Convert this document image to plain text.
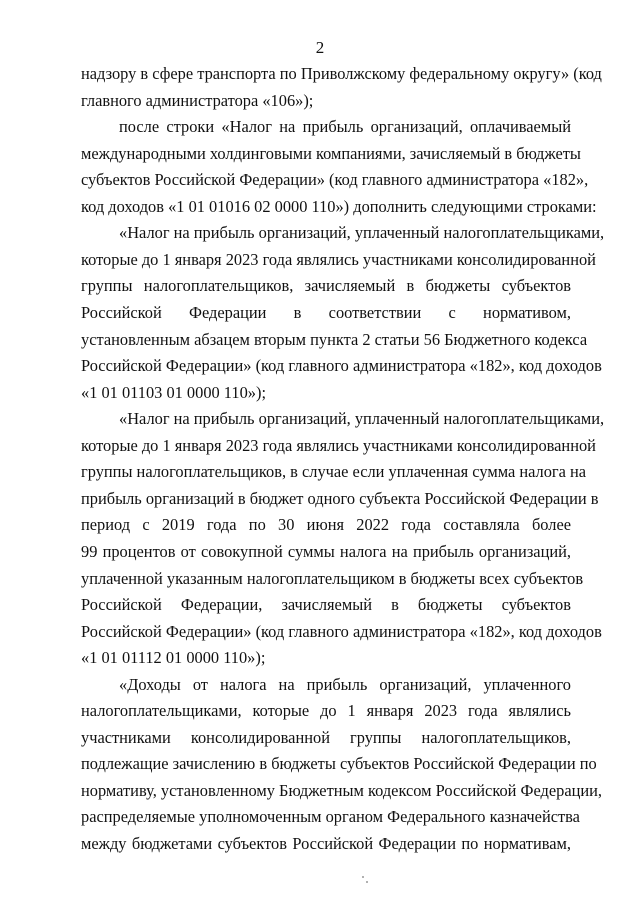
2
надзору в сфере транспорта по Приволжскому федеральному округу» (код
главного администратора «106»);
после строки «Налог на прибыль организаций, оплачиваемый
международными холдинговыми компаниями, зачисляемый в бюджеты
субъектов Российской Федерации» (код главного администратора «182»,
код доходов «1 01 01016 02 0000 110») дополнить следующими строками:
«Налог на прибыль организаций, уплаченный налогоплательщиками,
которые до 1 января 2023 года являлись участниками консолидированной
группы налогоплательщиков, зачисляемый в бюджеты субъектов
Российской Федерации в соответствии с нормативом,
установленным абзацем вторым пункта 2 статьи 56 Бюджетного кодекса
Российской Федерации» (код главного администратора «182», код доходов
«1 01 01103 01 0000 110»);
«Налог на прибыль организаций, уплаченный налогоплательщиками,
которые до 1 января 2023 года являлись участниками консолидированной
группы налогоплательщиков, в случае если уплаченная сумма налога на
прибыль организаций в бюджет одного субъекта Российской Федерации в
период с 2019 года по 30 июня 2022 года составляла более
99 процентов от совокупной суммы налога на прибыль организаций,
уплаченной указанным налогоплательщиком в бюджеты всех субъектов
Российской Федерации, зачисляемый в бюджеты субъектов
Российской Федерации» (код главного администратора «182», код доходов
«1 01 01112 01 0000 110»);
«Доходы от налога на прибыль организаций, уплаченного
налогоплательщиками, которые до 1 января 2023 года являлись
участниками консолидированной группы налогоплательщиков,
подлежащие зачислению в бюджеты субъектов Российской Федерации по
нормативу, установленному Бюджетным кодексом Российской Федерации,
распределяемые уполномоченным органом Федерального казначейства
между бюджетами субъектов Российской Федерации по нормативам,
